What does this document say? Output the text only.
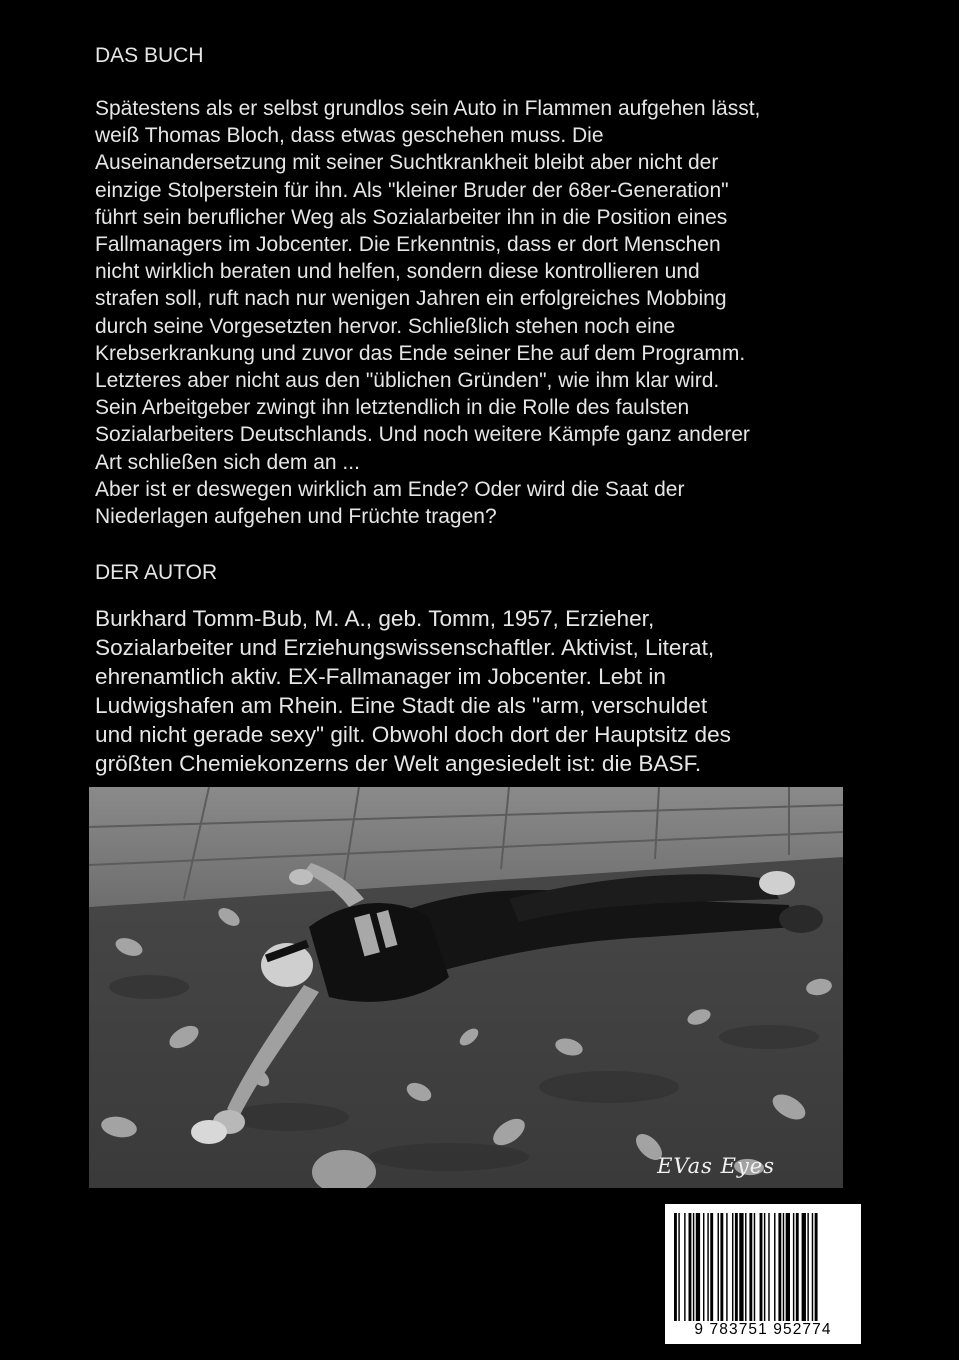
DAS BUCH

Spätestens als er selbst grundlos sein Auto in Flammen aufgehen lässt,
weiß Thomas Bloch, dass etwas geschehen muss. Die
Auseinandersetzung mit seiner Suchtkrankheit bleibt aber nicht der
einzige Stolperstein für ihn. Als "kleiner Bruder der 68er-Generation"
führt sein beruflicher Weg als Sozialarbeiter ihn in die Position eines
Fallmanagers im Jobcenter. Die Erkenntnis, dass er dort Menschen
nicht wirklich beraten und helfen, sondern diese kontrollieren und
strafen soll, ruft nach nur wenigen Jahren ein erfolgreiches Mobbing
durch seine Vorgesetzten hervor. Schließlich stehen noch eine
Krebserkrankung und zuvor das Ende seiner Ehe auf dem Programm.
Letzteres aber nicht aus den "üblichen Gründen", wie ihm klar wird.
Sein Arbeitgeber zwingt ihn letztendlich in die Rolle des faulsten
Sozialarbeiters Deutschlands. Und noch weitere Kämpfe ganz anderer
Art schließen sich dem an ...
Aber ist er deswegen wirklich am Ende? Oder wird die Saat der
Niederlagen aufgehen und Früchte tragen?

DER AUTOR

Burkhard Tomm-Bub, M. A., geb. Tomm, 1957, Erzieher,
Sozialarbeiter und Erziehungswissenschaftler. Aktivist, Literat,
ehrenamtlich aktiv. EX-Fallmanager im Jobcenter. Lebt in
Ludwigshafen am Rhein. Eine Stadt die als "arm, verschuldet
und nicht gerade sexy" gilt. Obwohl doch dort der Hauptsitz des
größten Chemiekonzerns der Welt angesiedelt ist: die BASF.

EVas Eyes
9 783751 952774
